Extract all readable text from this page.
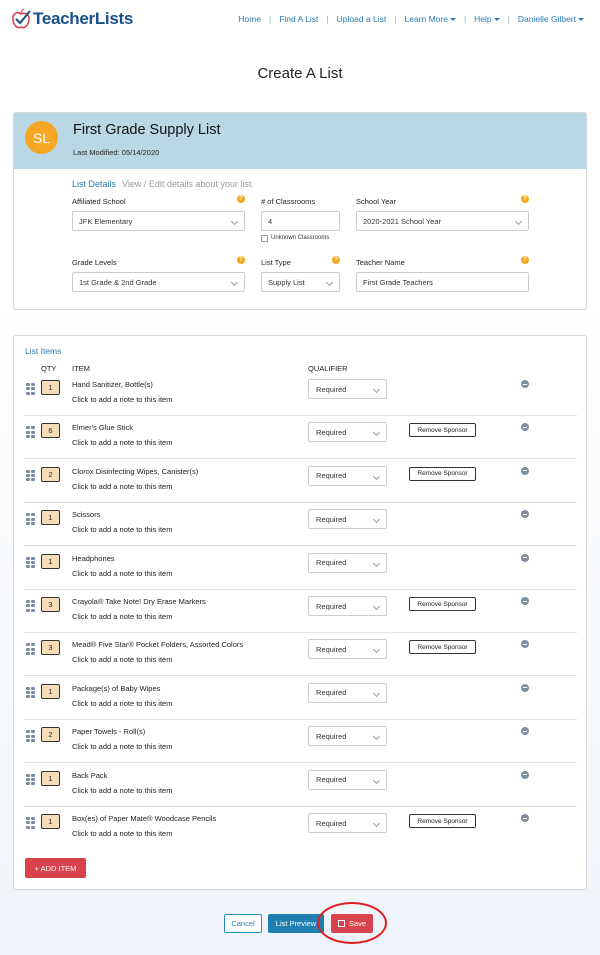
TeacherLists	Home | Find A List | Upload a List | Learn More	| Help	| Danielle Gilbert
Create A List
SL	First Grade Supply List
Last Modified: 05/14/2020
List Details View / Edit details about your list.
Affiliated School	?
JFK Elementary
# of Classrooms
4
Unknown Classrooms
School Year	?
2020-2021 School Year
Grade Levels	?
1st Grade & 2nd Grade
List Type	?
Supply List
Teacher Name	?
First Grade Teachers
List Items
QTY ITEM	QUALIFIER
1	Hand Sanitizer, Bottle(s)
Click to add a note to this item
Required
6	Elmer's Glue Stick
Click to add a note to this item
Required	Remove Sponsor
2	Clorox Disinfecting Wipes, Canister(s)
Click to add a note to this item
Required	Remove Sponsor
1	Scissors
Click to add a note to this item
Required
1	Headphones
Click to add a note to this item
Required
3	Crayola® Take Note! Dry Erase Markers
Click to add a note to this item
Required	Remove Sponsor
3	Mead® Five Star® Pocket Folders, Assorted Colors
Click to add a note to this item
Required	Remove Sponsor
1	Package(s) of Baby Wipes
Click to add a note to this item
Required
2	Paper Towels - Roll(s)
Click to add a note to this item
Required
1	Back Pack
Click to add a note to this item
Required
1	Box(es) of Paper Mate® Woodcase Pencils
Click to add a note to this item
Required	Remove Sponsor
+ ADD ITEM
Cancel	List Preview	Save
